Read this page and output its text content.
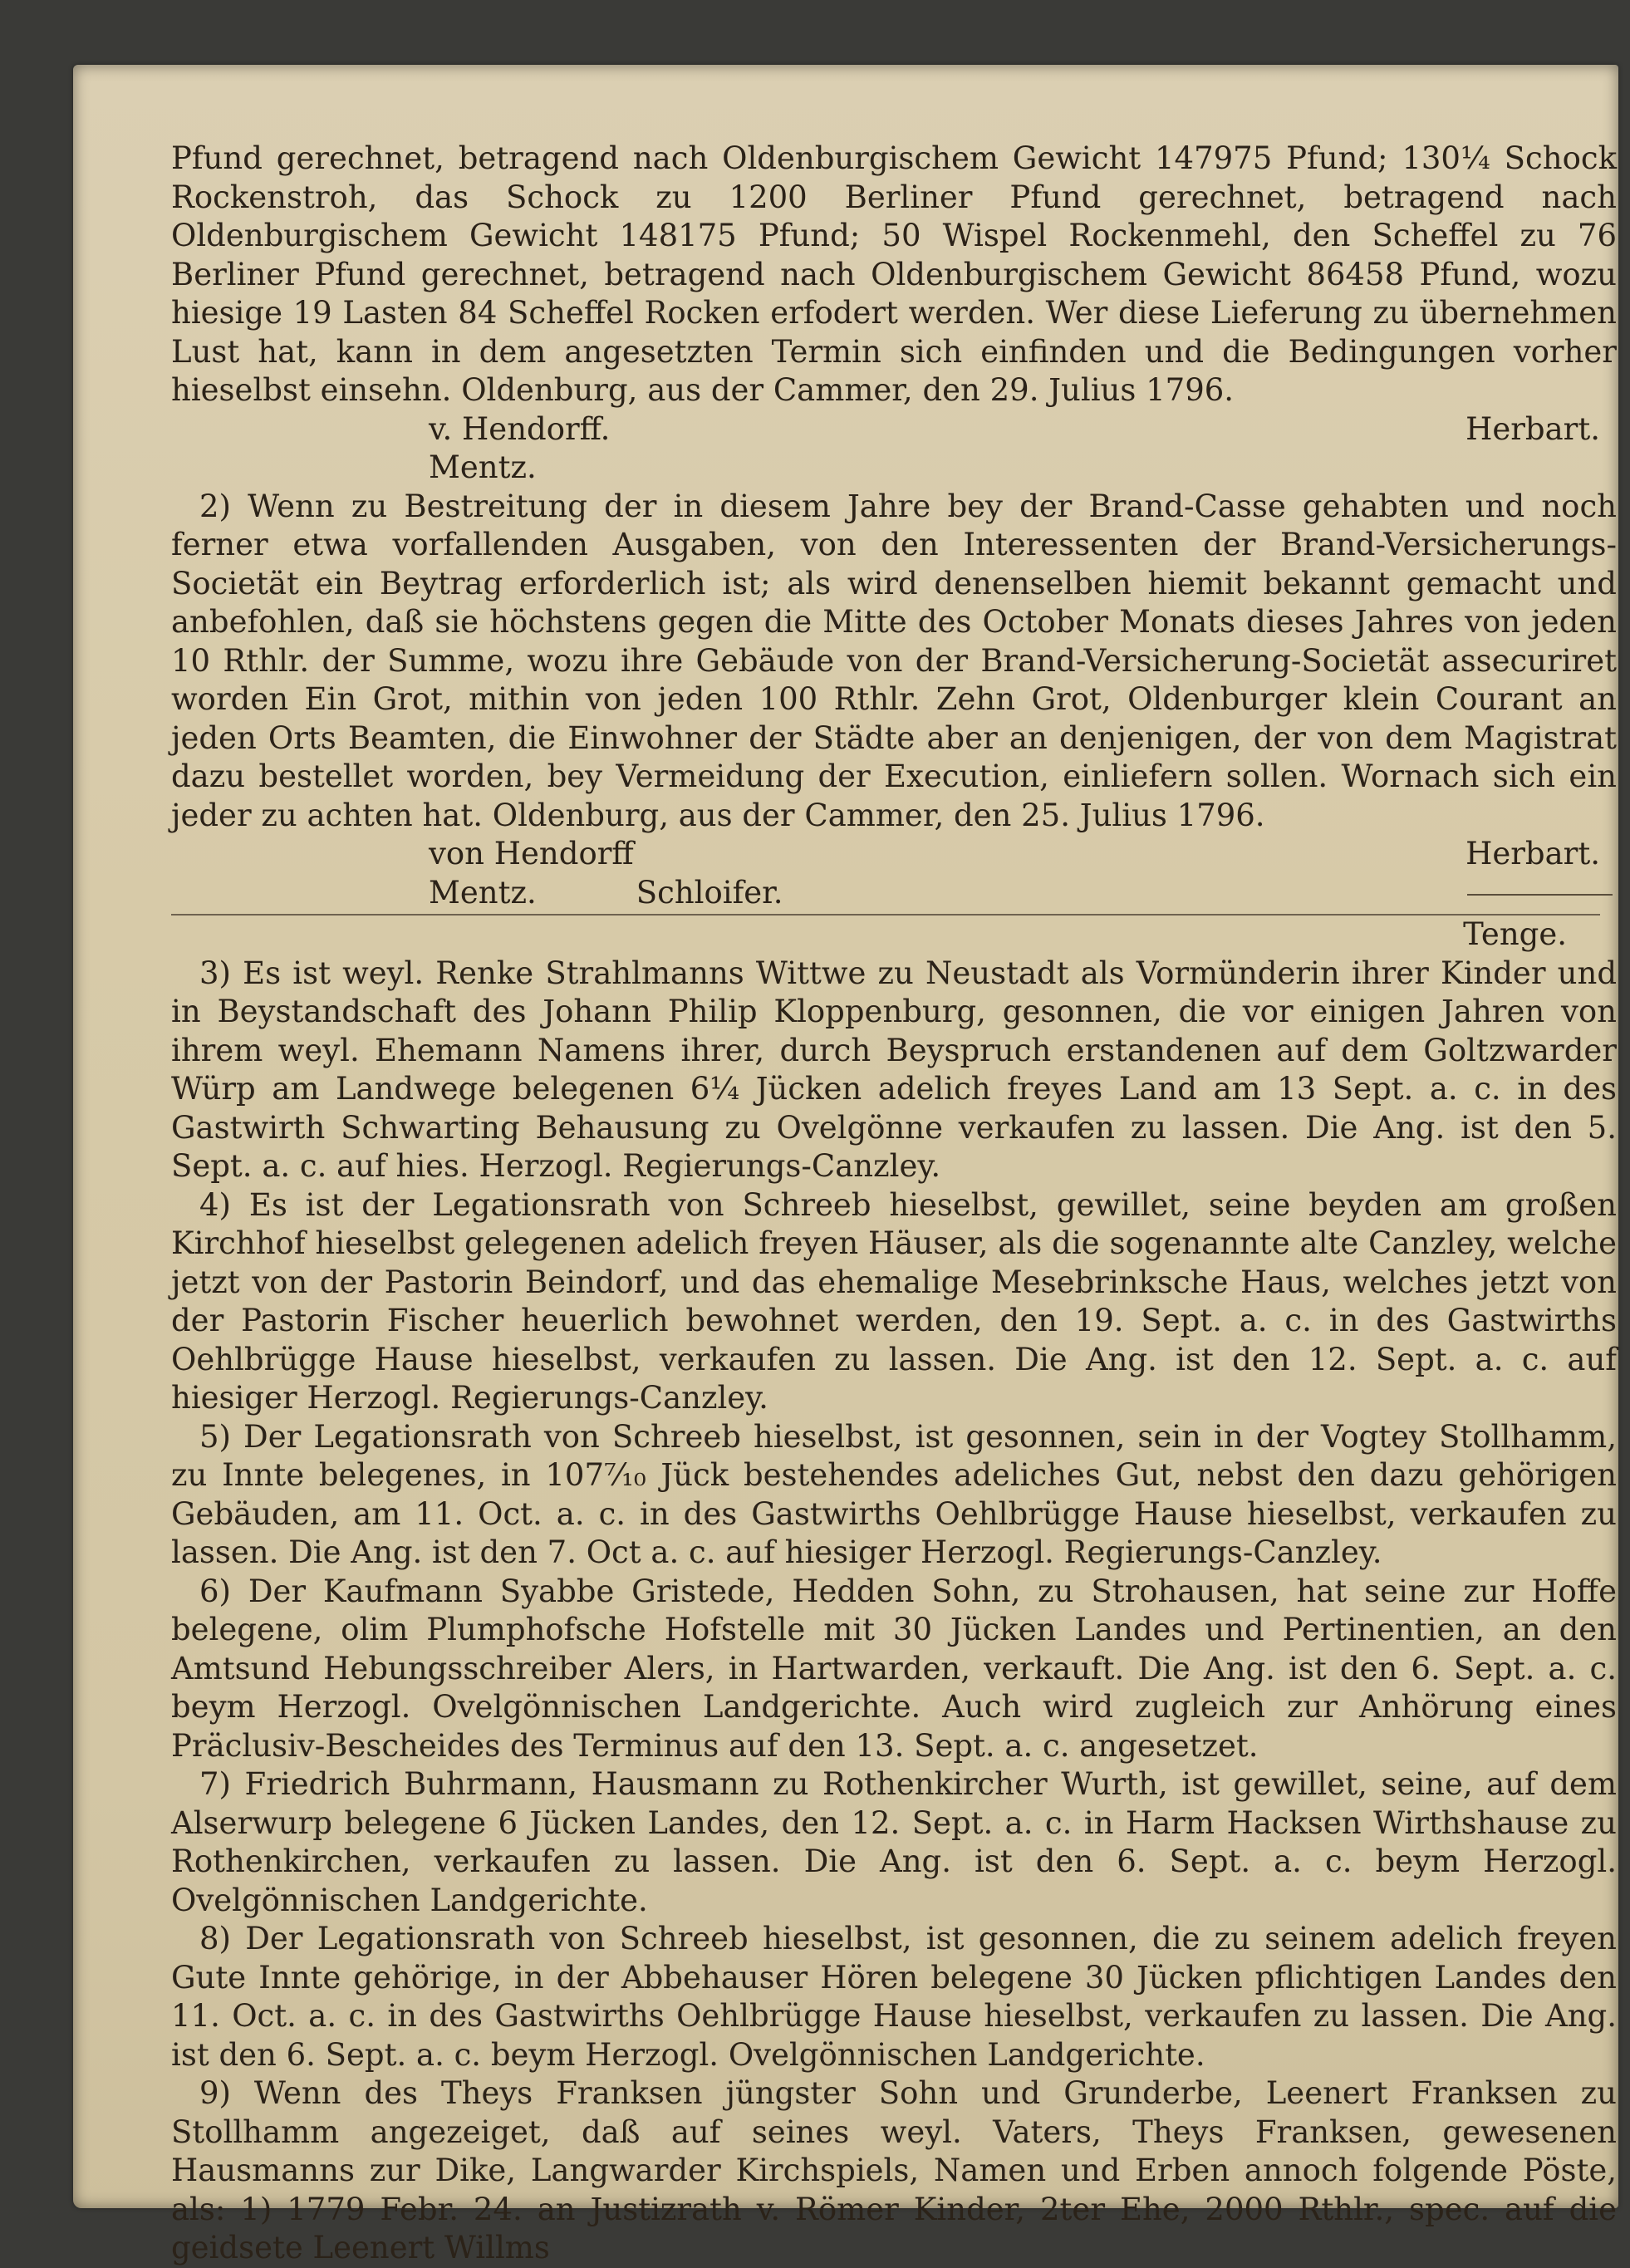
Pfund gerechnet, betragend nach Oldenburgischem Gewicht 147975 Pfund; 130¼ Schock Rockenstroh, das Schock zu 1200 Berliner Pfund gerechnet, betragend nach Oldenburgischem Gewicht 148175 Pfund; 50 Wispel Rockenmehl, den Scheffel zu 76 Berliner Pfund gerechnet, betragend nach Oldenburgischem Gewicht 86458 Pfund, wozu hiesige 19 Lasten 84 Scheffel Rocken erfodert werden. Wer diese Lieferung zu übernehmen Lust hat, kann in dem angesetzten Termin sich einfinden und die Bedingungen vorher hieselbst einsehn. Oldenburg, aus der Cammer, den 29. Julius 1796.

v. Hendorff.	Herbart.
Mentz.

2) Wenn zu Bestreitung der in diesem Jahre bey der Brand-Casse gehabten und noch ferner etwa vorfallenden Ausgaben, von den Interessenten der Brand-Versicherungs-Societät ein Beytrag erforderlich ist; als wird denenselben hiemit bekannt gemacht und anbefohlen, daß sie höchstens gegen die Mitte des October Monats dieses Jahres von jeden 10 Rthlr. der Summe, wozu ihre Gebäude von der Brand-Versicherung-Societät assecuriret worden Ein Grot, mithin von jeden 100 Rthlr. Zehn Grot, Oldenburger klein Courant an jeden Orts Beamten, die Einwohner der Städte aber an denjenigen, der von dem Magistrat dazu bestellet worden, bey Vermeidung der Execution, einliefern sollen. Wornach sich ein jeder zu achten hat. Oldenburg, aus der Cammer, den 25. Julius 1796.

von Hendorff	Herbart.
Mentz.	Schloifer.
Tenge.

3) Es ist weyl. Renke Strahlmanns Wittwe zu Neustadt als Vormünderin ihrer Kinder und in Beystandschaft des Johann Philip Kloppenburg, gesonnen, die vor einigen Jahren von ihrem weyl. Ehemann Namens ihrer, durch Beyspruch erstandenen auf dem Goltzwarder Würp am Landwege belegenen 6¼ Jücken adelich freyes Land am 13 Sept. a. c. in des Gastwirth Schwarting Behausung zu Ovelgönne verkaufen zu lassen. Die Ang. ist den 5. Sept. a. c. auf hies. Herzogl. Regierungs-Canzley.

4) Es ist der Legationsrath von Schreeb hieselbst, gewillet, seine beyden am großen Kirchhof hieselbst gelegenen adelich freyen Häuser, als die sogenannte alte Canzley, welche jetzt von der Pastorin Beindorf, und das ehemalige Mesebrinksche Haus, welches jetzt von der Pastorin Fischer heuerlich bewohnet werden, den 19. Sept. a. c. in des Gastwirths Oehlbrügge Hause hieselbst, verkaufen zu lassen. Die Ang. ist den 12. Sept. a. c. auf hiesiger Herzogl. Regierungs-Canzley.

5) Der Legationsrath von Schreeb hieselbst, ist gesonnen, sein in der Vogtey Stollhamm, zu Innte belegenes, in 107⁷⁄₁₀ Jück bestehendes adeliches Gut, nebst den dazu gehörigen Gebäuden, am 11. Oct. a. c. in des Gastwirths Oehlbrügge Hause hieselbst, verkaufen zu lassen. Die Ang. ist den 7. Oct a. c. auf hiesiger Herzogl. Regierungs-Canzley.

6) Der Kaufmann Syabbe Gristede, Hedden Sohn, zu Strohausen, hat seine zur Hoffe belegene, olim Plumphofsche Hofstelle mit 30 Jücken Landes und Pertinentien, an den Amtsund Hebungsschreiber Alers, in Hartwarden, verkauft. Die Ang. ist den 6. Sept. a. c. beym Herzogl. Ovelgönnischen Landgerichte. Auch wird zugleich zur Anhörung eines Präclusiv-Bescheides des Terminus auf den 13. Sept. a. c. angesetzet.

7) Friedrich Buhrmann, Hausmann zu Rothenkircher Wurth, ist gewillet, seine, auf dem Alserwurp belegene 6 Jücken Landes, den 12. Sept. a. c. in Harm Hacksen Wirthshause zu Rothenkirchen, verkaufen zu lassen. Die Ang. ist den 6. Sept. a. c. beym Herzogl. Ovelgönnischen Landgerichte.

8) Der Legationsrath von Schreeb hieselbst, ist gesonnen, die zu seinem adelich freyen Gute Innte gehörige, in der Abbehauser Hören belegene 30 Jücken pflichtigen Landes den 11. Oct. a. c. in des Gastwirths Oehlbrügge Hause hieselbst, verkaufen zu lassen. Die Ang. ist den 6. Sept. a. c. beym Herzogl. Ovelgönnischen Landgerichte.

9) Wenn des Theys Franksen jüngster Sohn und Grunderbe, Leenert Franksen zu Stollhamm angezeiget, daß auf seines weyl. Vaters, Theys Franksen, gewesenen Hausmanns zur Dike, Langwarder Kirchspiels, Namen und Erben annoch folgende Pöste, als: 1) 1779 Febr. 24. an Justizrath v. Römer Kinder, 2ter Ehe, 2000 Rthlr., spec. auf die geidsete Leenert Willms
